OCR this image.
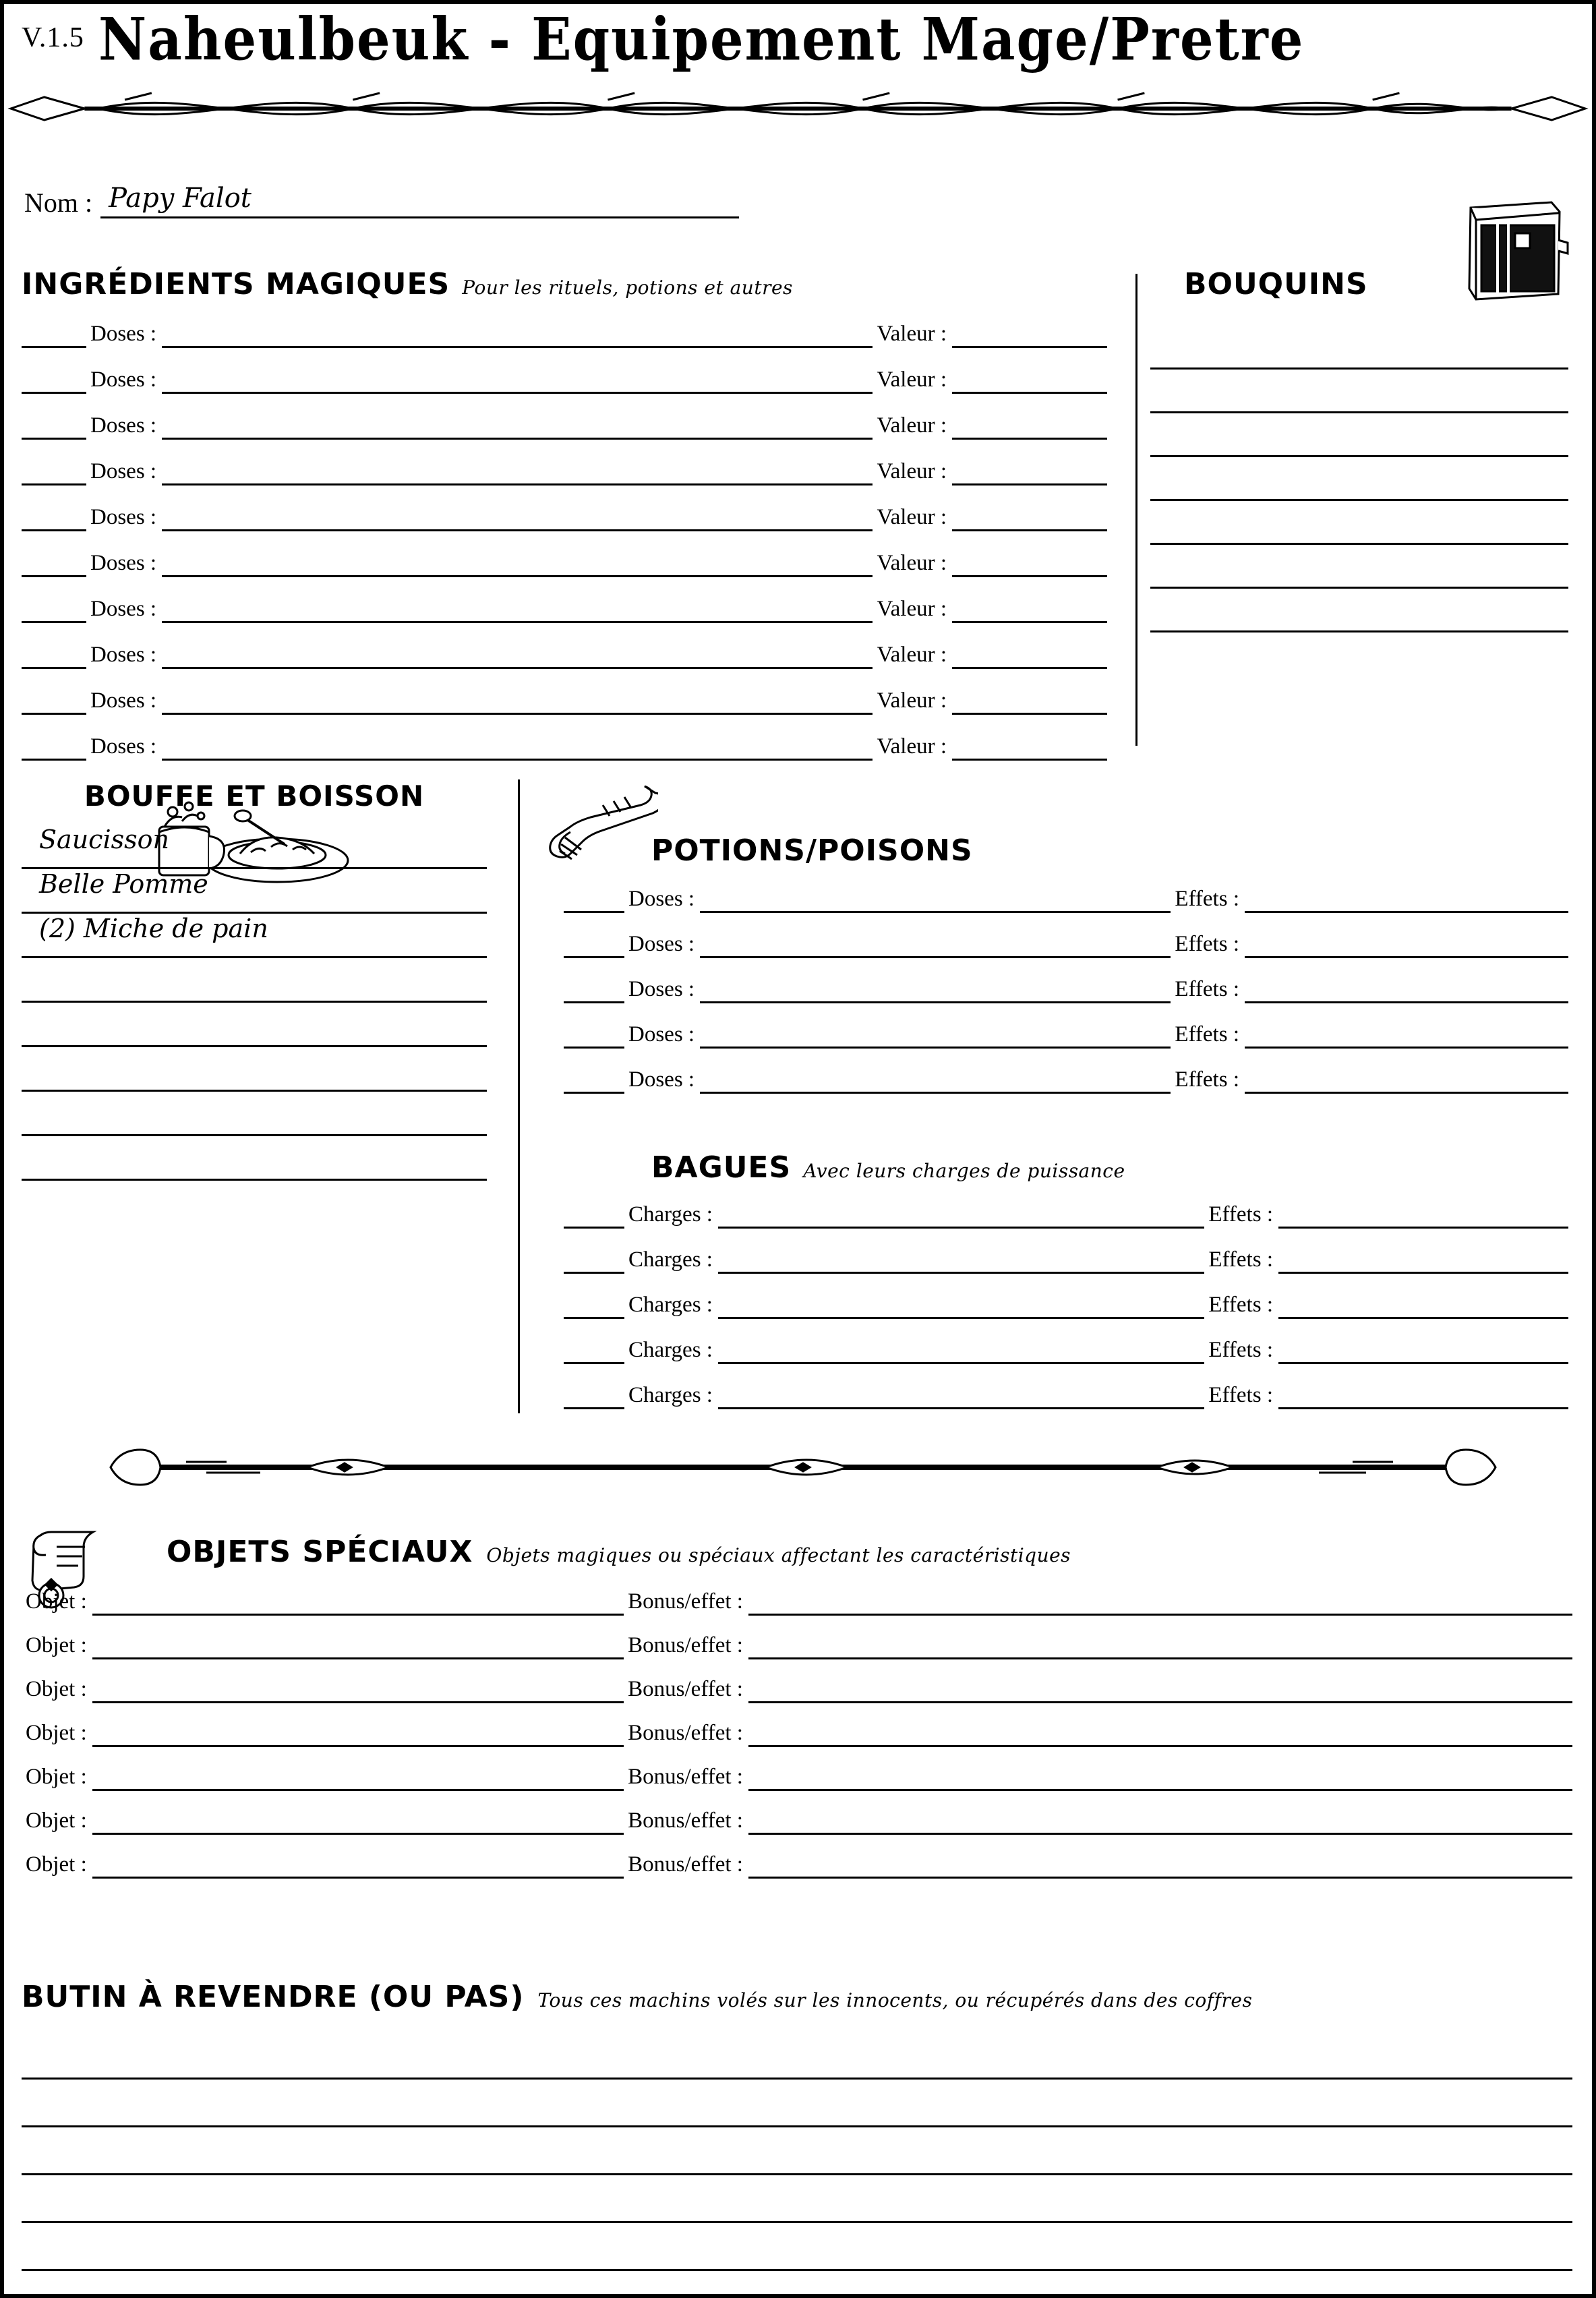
V.1.5 Naheulbeuk - Equipement Mage/Pretre
Nom : Papy Falot
INGRÉDIENTS MAGIQUES Pour les rituels, potions et autres
Doses :	Valeur :
Doses :	Valeur :
Doses :	Valeur :
Doses :	Valeur :
Doses :	Valeur :
Doses :	Valeur :
Doses :	Valeur :
Doses :	Valeur :
Doses :	Valeur :
Doses :	Valeur :
BOUQUINS
BOUFFE ET BOISSON
Saucisson
Belle Pomme
(2) Miche de pain
POTIONS/POISONS
Doses :	Effets :
Doses :	Effets :
Doses :	Effets :
Doses :	Effets :
Doses :	Effets :
BAGUES Avec leurs charges de puissance
Charges :	Effets :
Charges :	Effets :
Charges :	Effets :
Charges :	Effets :
Charges :	Effets :
OBJETS SPÉCIAUX Objets magiques ou spéciaux affectant les caractéristiques
Objet :	Bonus/effet :
Objet :	Bonus/effet :
Objet :	Bonus/effet :
Objet :	Bonus/effet :
Objet :	Bonus/effet :
Objet :	Bonus/effet :
Objet :	Bonus/effet :
BUTIN À REVENDRE (OU PAS) Tous ces machins volés sur les innocents, ou récupérés dans des coffres
